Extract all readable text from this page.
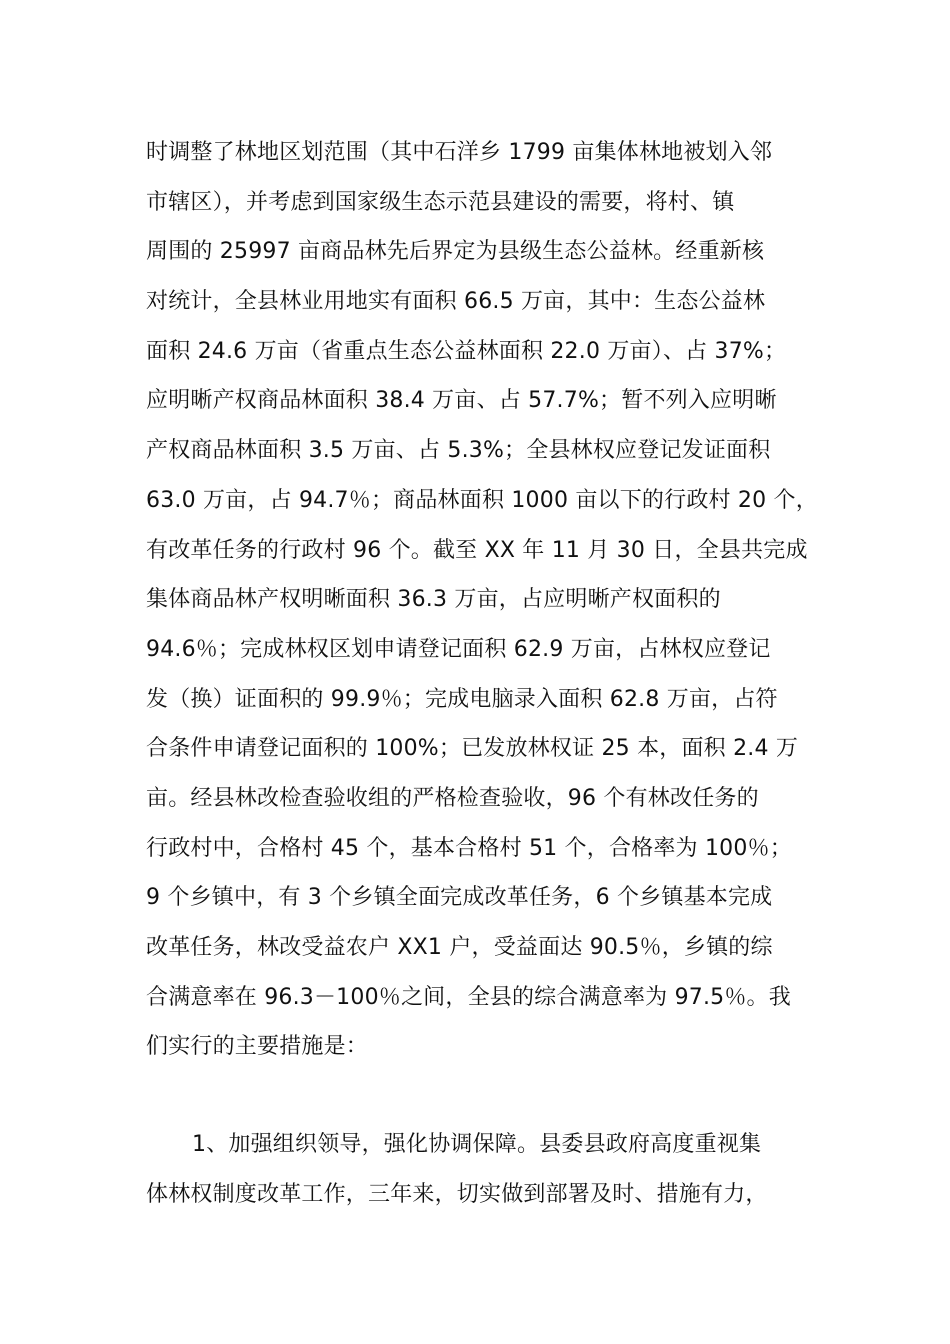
时调整了林地区划范围（其中石洋乡 1799 亩集体林地被划入邻
市辖区），并考虑到国家级生态示范县建设的需要，将村、镇
周围的 25997 亩商品林先后界定为县级生态公益林。经重新核
对统计，全县林业用地实有面积 66.5 万亩，其中：生态公益林
面积 24.6 万亩（省重点生态公益林面积 22.0 万亩）、占 37%；
应明晰产权商品林面积 38.4 万亩、占 57.7%；暂不列入应明晰
产权商品林面积 3.5 万亩、占 5.3%；全县林权应登记发证面积
63.0 万亩，占 94.7％；商品林面积 1000 亩以下的行政村 20 个，
有改革任务的行政村 96 个。截至 XX 年 11 月 30 日，全县共完成
集体商品林产权明晰面积 36.3 万亩，占应明晰产权面积的
94.6％；完成林权区划申请登记面积 62.9 万亩，占林权应登记
发（换）证面积的 99.9％；完成电脑录入面积 62.8 万亩，占符
合条件申请登记面积的 100%；已发放林权证 25 本，面积 2.4 万
亩。经县林改检查验收组的严格检查验收，96 个有林改任务的
行政村中，合格村 45 个，基本合格村 51 个，合格率为 100％；
9 个乡镇中，有 3 个乡镇全面完成改革任务，6 个乡镇基本完成
改革任务，林改受益农户 XX1 户，受益面达 90.5％，乡镇的综
合满意率在 96.3－100％之间，全县的综合满意率为 97.5％。我
们实行的主要措施是：
1、加强组织领导，强化协调保障。县委县政府高度重视集
体林权制度改革工作，三年来，切实做到部署及时、措施有力，
